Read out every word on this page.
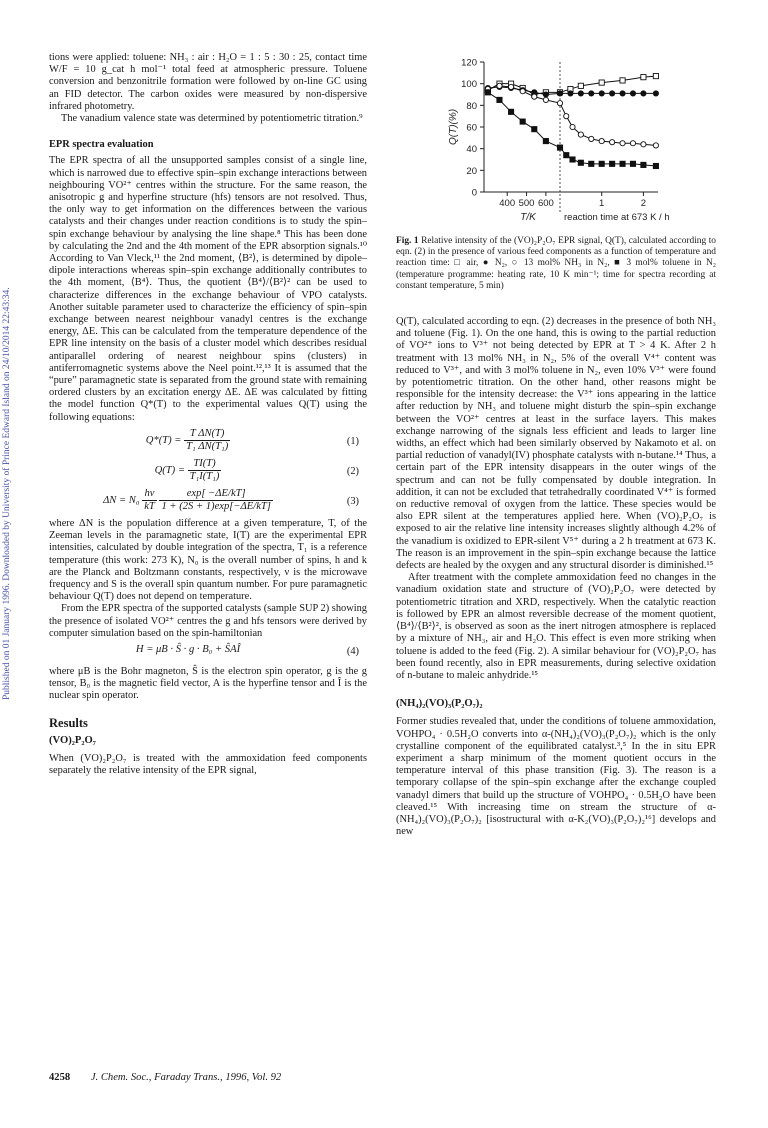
Published on 01 January 1996. Downloaded by University of Prince Edward Island on 24/10/2014 22:43:34.

tions were applied: toluene: NH₃ : air : H₂O = 1 : 5 : 30 : 25, contact time W/F = 10 g_cat h mol⁻¹ total feed at atmospheric pressure. Toluene conversion and benzonitrile formation were followed by on-line GC using an FID detector. The carbon oxides were measured by non-dispersive infrared photometry.

The vanadium valence state was determined by potentiometric titration.⁹

EPR spectra evaluation

The EPR spectra of all the unsupported samples consist of a single line, which is narrowed due to effective spin–spin exchange interactions between neighbouring VO²⁺ centres within the structure. For the same reason, the anisotropic g and hyperfine structure (hfs) tensors are not resolved. Thus, the only way to get information on the differences between the various catalysts and their changes under reaction conditions is to study the spin–spin exchange behaviour by analysing the line shape.⁸ This has been done by calculating the 2nd and the 4th moment of the EPR absorption signals.¹⁰ According to Van Vleck,¹¹ the 2nd moment, ⟨B²⟩, is determined by dipole–dipole interactions whereas spin–spin exchange additionally contributes to the 4th moment, ⟨B⁴⟩. Thus, the quotient ⟨B⁴⟩/⟨B²⟩² can be used to characterize differences in the exchange behaviour of VPO catalysts. Another suitable parameter used to characterize the efficiency of spin–spin exchange between nearest neighbour vanadyl centres is the exchange energy, ΔE. This can be calculated from the temperature dependence of the EPR line intensity on the basis of a cluster model which describes residual antiparallel ordering of nearest neighbour spins (clusters) in antiferromagnetic systems above the Neel point.¹²,¹³ It is assumed that the “pure” paramagnetic state is separated from the ground state with remaining ordered clusters by an excitation energy ΔE. ΔE was calculated by fitting the model function Q*(T) to the experimental values Q(T) using the following equations:

$Q*(T) = \frac{\text{T ΔN(T)}}{\text{T₁ ΔN(T₁)}}$	(1)
$Q(T) = \frac{TI(T)}{\text{T₁I(T₁)}}$	(2)
$\Delta N = N_0 \frac{h\nu}{kT}$
$\frac{\exp[ -\Delta E/kT]}{1 + (2S + 1)\exp[-\Delta E/kT]}$	(3)

where ΔN is the population difference at a given temperature, T, of the Zeeman levels in the paramagnetic state, I(T) are the experimental EPR intensities, calculated by double integration of the spectra, T₁ is a reference temperature (this work: 273 K), N₀ is the overall number of spins, h and k are the Planck and Boltzmann constants, respectively, ν is the microwave frequency and S is the overall spin quantum number. For pure paramagnetic behaviour Q(T) does not depend on temperature.

From the EPR spectra of the supported catalysts (sample SUP 2) showing the presence of isolated VO²⁺ centres the g and hfs tensors were derived by computer simulation based on the spin-hamiltonian

H = μB · Ŝ · g · B₀ + ŜAÎ	(4)

where μB is the Bohr magneton, Ŝ is the electron spin operator, g is the g tensor, B₀ is the magnetic field vector, A is the hyperfine tensor and Î is the nuclear spin operator.

Results
(VO)₂P₂O₇

When (VO)₂P₂O₇ is treated with the ammoxidation feed components separately the relative intensity of the EPR signal,

0
20
40
60
80
100
120
Q(T)(%)
400 500 600	1	2
T/K	reaction time at 673 K / h

Fig. 1 Relative intensity of the (VO)₂P₂O₇ EPR signal, Q(T), calculated according to eqn. (2) in the presence of various feed components as a function of temperature and reaction time: □ air, ● N₂, ○ 13 mol% NH₃ in N₂, ■ 3 mol% toluene in N₂ (temperature programme: heating rate, 10 K min⁻¹; time for spectra recording at constant temperature, 5 min)

Q(T), calculated according to eqn. (2) decreases in the presence of both NH₃ and toluene (Fig. 1). On the one hand, this is owing to the partial reduction of VO²⁺ ions to V³⁺ not being detected by EPR at T > 4 K. After 2 h treatment with 13 mol% NH₃ in N₂, 5% of the overall V⁴⁺ content was reduced to V³⁺, and with 3 mol% toluene in N₂, even 10% V³⁺ were found by potentiometric titration. On the other hand, other reasons might be responsible for the intensity decrease: the V³⁺ ions appearing in the lattice after reduction by NH₃ and toluene might disturb the spin–spin exchange between the VO²⁺ centres at least in the surface layers. This makes exchange narrowing of the signals less efficient and leads to larger line widths, an effect which had been similarly observed by Nakamoto et al. on partial reduction of vanadyl(IV) phosphate catalysts with n-butane.¹⁴ Thus, a certain part of the EPR intensity disappears in the outer wings of the spectrum and can not be fully compensated by double integration. In addition, it can not be excluded that tetrahedrally coordinated V⁴⁺ is formed on reductive removal of oxygen from the lattice. These species would be also EPR silent at the temperatures applied here. When (VO)₂P₂O₇ is exposed to air the relative line intensity increases slightly although 4.2% of the vanadium is oxidized to EPR-silent V⁵⁺ during a 2 h treatment at 673 K. The reason is an improvement in the spin–spin exchange because the lattice defects are healed by the oxygen and any structural disorder is diminished.¹⁵

After treatment with the complete ammoxidation feed no changes in the vanadium oxidation state and structure of (VO)₂P₂O₇ were detected by potentiometric titration and XRD, respectively. When the catalytic reaction is followed by EPR an almost reversible decrease of the moment quotient, ⟨B⁴⟩/⟨B²⟩², is observed as soon as the inert nitrogen atmosphere is replaced by a mixture of NH₃, air and H₂O. This effect is even more striking when toluene is added to the feed (Fig. 2). A similar behaviour for (VO)₂P₂O₇ has been found recently, also in EPR measurements, during selective oxidation of n-butane to maleic anhydride.¹⁵

(NH₄)₂(VO)₃(P₂O₇)₂

Former studies revealed that, under the conditions of toluene ammoxidation, VOHPO₄ · 0.5H₂O converts into α-(NH₄)₂(VO)₃(P₂O₇)₂ which is the only crystalline component of the equilibrated catalyst.³,⁵ In the in situ EPR experiment a sharp minimum of the moment quotient occurs in the temperature interval of this phase transition (Fig. 3). The reason is a temporary collapse of the spin–spin exchange after the exchange coupled vanadyl dimers that build up the structure of VOHPO₄ · 0.5H₂O have been cleaved.¹⁵ With increasing time on stream the structure of α-(NH₄)₂(VO)₃(P₂O₇)₂ [isostructural with α-K₂(VO)₃(P₂O₇)₂¹⁶] develops and new

4258 J. Chem. Soc., Faraday Trans., 1996, Vol. 92
